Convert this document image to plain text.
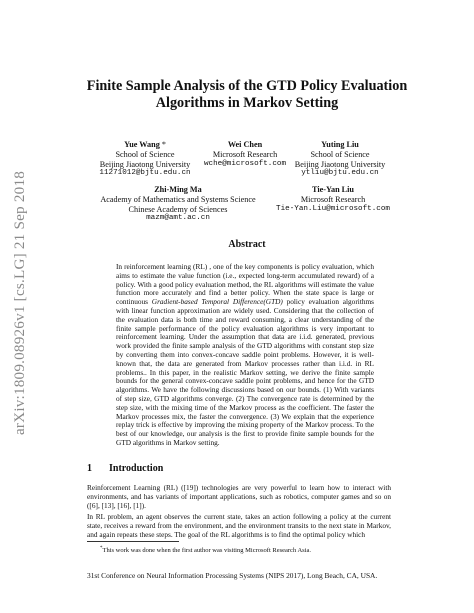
arXiv:1809.08926v1 [cs.LG] 21 Sep 2018
Finite Sample Analysis of the GTD Policy Evaluation Algorithms in Markov Setting
Yue Wang *
School of Science
Beijing Jiaotong University
11271012@bjtu.edu.cn
Wei Chen
Microsoft Research
wche@microsoft.com
Yuting Liu
School of Science
Beijing Jiaotong University
ytliu@bjtu.edu.cn
Zhi-Ming Ma
Academy of Mathematics and Systems Science
Chinese Academy of Sciences
mazm@amt.ac.cn
Tie-Yan Liu
Microsoft Research
Tie-Yan.Liu@microsoft.com
Abstract

In reinforcement learning (RL) , one of the key components is policy evaluation, which aims to estimate the value function (i.e., expected long-term accumulated reward) of a policy. With a good policy evaluation method, the RL algorithms will estimate the value function more accurately and find a better policy. When the state space is large or continuous Gradient-based Temporal Difference(GTD) policy evaluation algorithms with linear function approximation are widely used. Considering that the collection of the evaluation data is both time and reward consuming, a clear understanding of the finite sample performance of the policy evaluation algorithms is very important to reinforcement learning. Under the assumption that data are i.i.d. generated, previous work provided the finite sample analysis of the GTD algorithms with constant step size by converting them into convex-concave saddle point problems. However, it is well-known that, the data are generated from Markov processes rather than i.i.d. in RL problems.. In this paper, in the realistic Markov setting, we derive the finite sample bounds for the general convex-concave saddle point problems, and hence for the GTD algorithms. We have the following discussions based on our bounds. (1) With variants of step size, GTD algorithms converge. (2) The convergence rate is determined by the step size, with the mixing time of the Markov process as the coefficient. The faster the Markov processes mix, the faster the convergence. (3) We explain that the experience replay trick is effective by improving the mixing property of the Markov process. To the best of our knowledge, our analysis is the first to provide finite sample bounds for the GTD algorithms in Markov setting.

1 Introduction

Reinforcement Learning (RL) ([19]) technologies are very powerful to learn how to interact with environments, and has variants of important applications, such as robotics, computer games and so on ([6], [13], [16], [1]).

In RL problem, an agent observes the current state, takes an action following a policy at the current state, receives a reward from the environment, and the environment transits to the next state in Markov, and again repeats these steps. The goal of the RL algorithms is to find the optimal policy which

*This work was done when the first author was visiting Microsoft Research Asia.

31st Conference on Neural Information Processing Systems (NIPS 2017), Long Beach, CA, USA.
